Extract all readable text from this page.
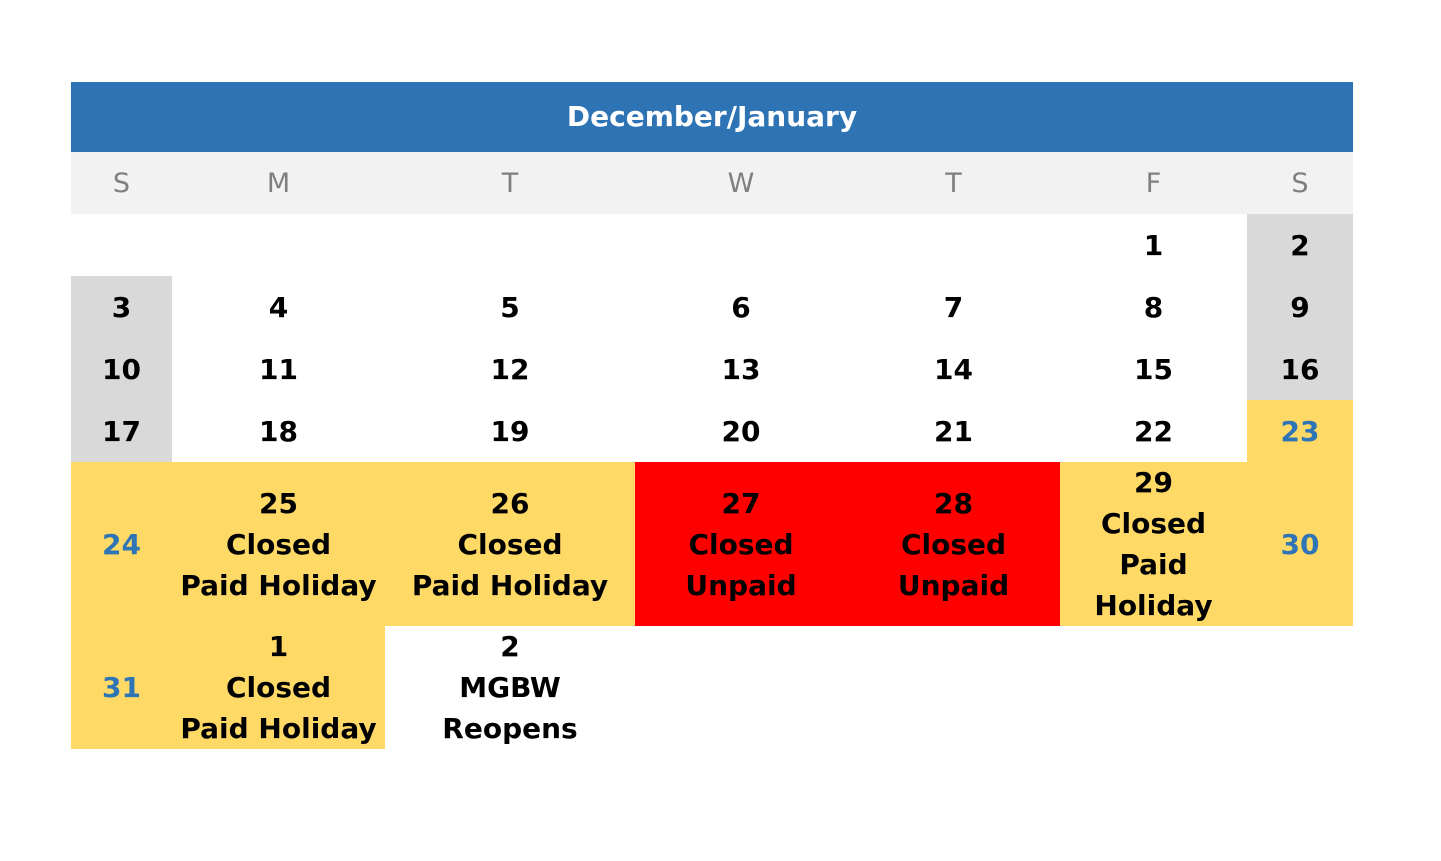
December/January
S	M	T	W	T	F	S

					1	2

3	4	5	6	7	8	9

10	11	12	13	14	15	16

17	18	19	20	21	22	23

24	25
Closed
Paid Holiday	26
Closed
Paid Holiday	27
Closed
Unpaid	28
Closed
Unpaid	29
Closed
Paid
Holiday	30

31	1
Closed
Paid Holiday	2
MGBW
Reopens				
